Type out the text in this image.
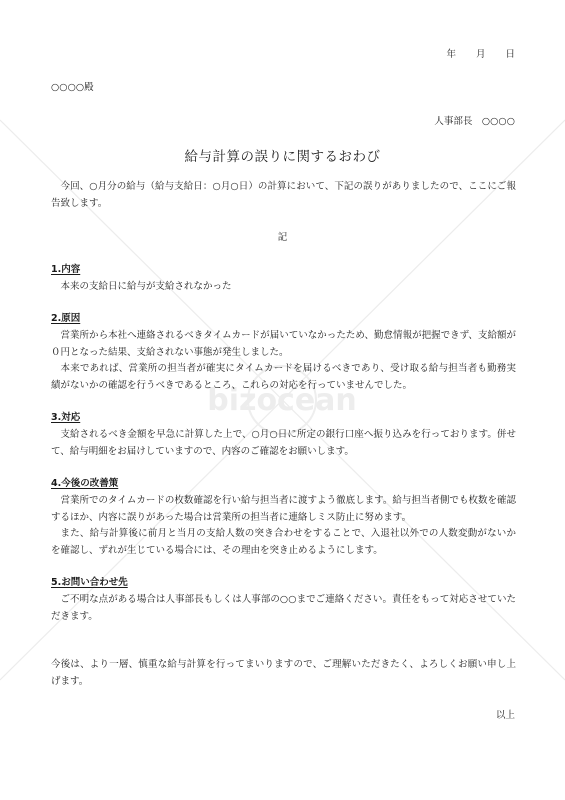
bizocean
年 月 日
○○○○殿
人事部長　○○○○
給与計算の誤りに関するおわび

今回、○月分の給与（給与支給日：○月○日）の計算において、下記の誤りがありましたので、ここにご報告致します。

記
1.内容

本来の支給日に給与が支給されなかった

2.原因

営業所から本社へ連絡されるべきタイムカードが届いていなかったため、勤怠情報が把握できず、支給額が０円となった結果、支給されない事態が発生しました。

本来であれば、営業所の担当者が確実にタイムカードを届けるべきであり、受け取る給与担当者も勤務実績がないかの確認を行うべきであるところ、これらの対応を行っていませんでした。

3.対応

支給されるべき金額を早急に計算した上で、○月○日に所定の銀行口座へ振り込みを行っております。併せて、給与明細をお届けしていますので、内容のご確認をお願いします。

4.今後の改善策

営業所でのタイムカードの枚数確認を行い給与担当者に渡すよう徹底します。給与担当者側でも枚数を確認するほか、内容に誤りがあった場合は営業所の担当者に連絡しミス防止に努めます。

また、給与計算後に前月と当月の支給人数の突き合わせをすることで、入退社以外での人数変動がないかを確認し、ずれが生じている場合には、その理由を突き止めるようにします。

5.お問い合わせ先

ご不明な点がある場合は人事部長もしくは人事部の○○までご連絡ください。責任をもって対応させていただきます。

今後は、より一層、慎重な給与計算を行ってまいりますので、ご理解いただきたく、よろしくお願い申し上げます。

以上
